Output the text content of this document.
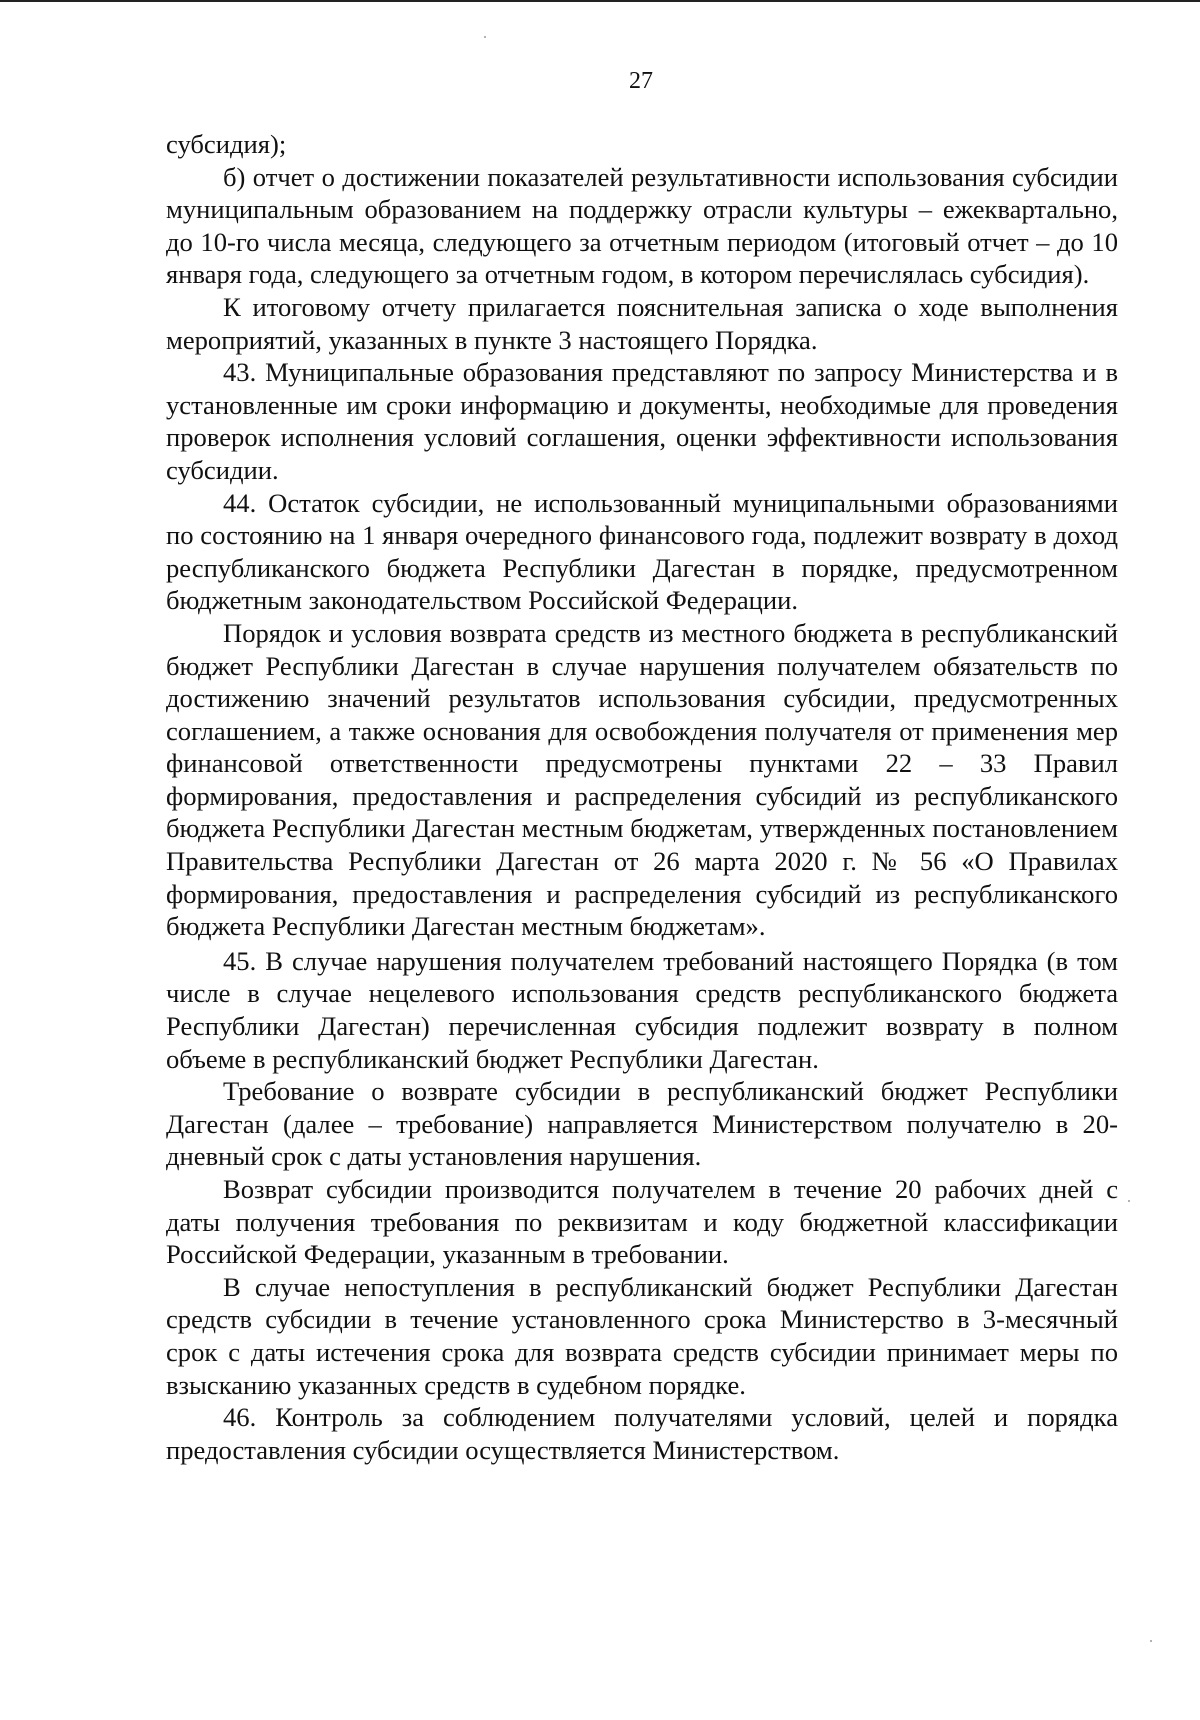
27

субсидия);

б) отчет о достижении показателей результативности использования субсидии муниципальным образованием на поддержку отрасли культуры – ежеквартально, до 10-го числа месяца, следующего за отчетным периодом (итоговый отчет – до 10 января года, следующего за отчетным годом, в котором перечислялась субсидия).

К итоговому отчету прилагается пояснительная записка о ходе выполнения мероприятий, указанных в пункте 3 настоящего Порядка.

43. Муниципальные образования представляют по запросу Министерства и в установленные им сроки информацию и документы, необходимые для проведения проверок исполнения условий соглашения, оценки эффективности использования субсидии.

44. Остаток субсидии, не использованный муниципальными образованиями по состоянию на 1 января очередного финансового года, подлежит возврату в доход республиканского бюджета Республики Дагестан в порядке, предусмотренном бюджетным законодательством Российской Федерации.

Порядок и условия возврата средств из местного бюджета в республиканский бюджет Республики Дагестан в случае нарушения получателем обязательств по достижению значений результатов использования субсидии, предусмотренных соглашением, а также основания для освобождения получателя от применения мер финансовой ответственности предусмотрены пунктами 22 – 33 Правил формирования, предоставления и распределения субсидий из республиканского бюджета Республики Дагестан местным бюджетам, утвержденных постановлением Правительства Республики Дагестан от 26 марта 2020 г. № 56 «О Правилах формирования, предоставления и распределения субсидий из республиканского бюджета Республики Дагестан местным бюджетам».

45. В случае нарушения получателем требований настоящего Порядка (в том числе в случае нецелевого использования средств республиканского бюджета Республики Дагестан) перечисленная субсидия подлежит возврату в полном объеме в республиканский бюджет Республики Дагестан.

Требование о возврате субсидии в республиканский бюджет Республики Дагестан (далее – требование) направляется Министерством получателю в 20-дневный срок с даты установления нарушения.

Возврат субсидии производится получателем в течение 20 рабочих дней с даты получения требования по реквизитам и коду бюджетной классификации Российской Федерации, указанным в требовании.

В случае непоступления в республиканский бюджет Республики Дагестан средств субсидии в течение установленного срока Министерство в 3-месячный срок с даты истечения срока для возврата средств субсидии принимает меры по взысканию указанных средств в судебном порядке.

46. Контроль за соблюдением получателями условий, целей и порядка предоставления субсидии осуществляется Министерством.
